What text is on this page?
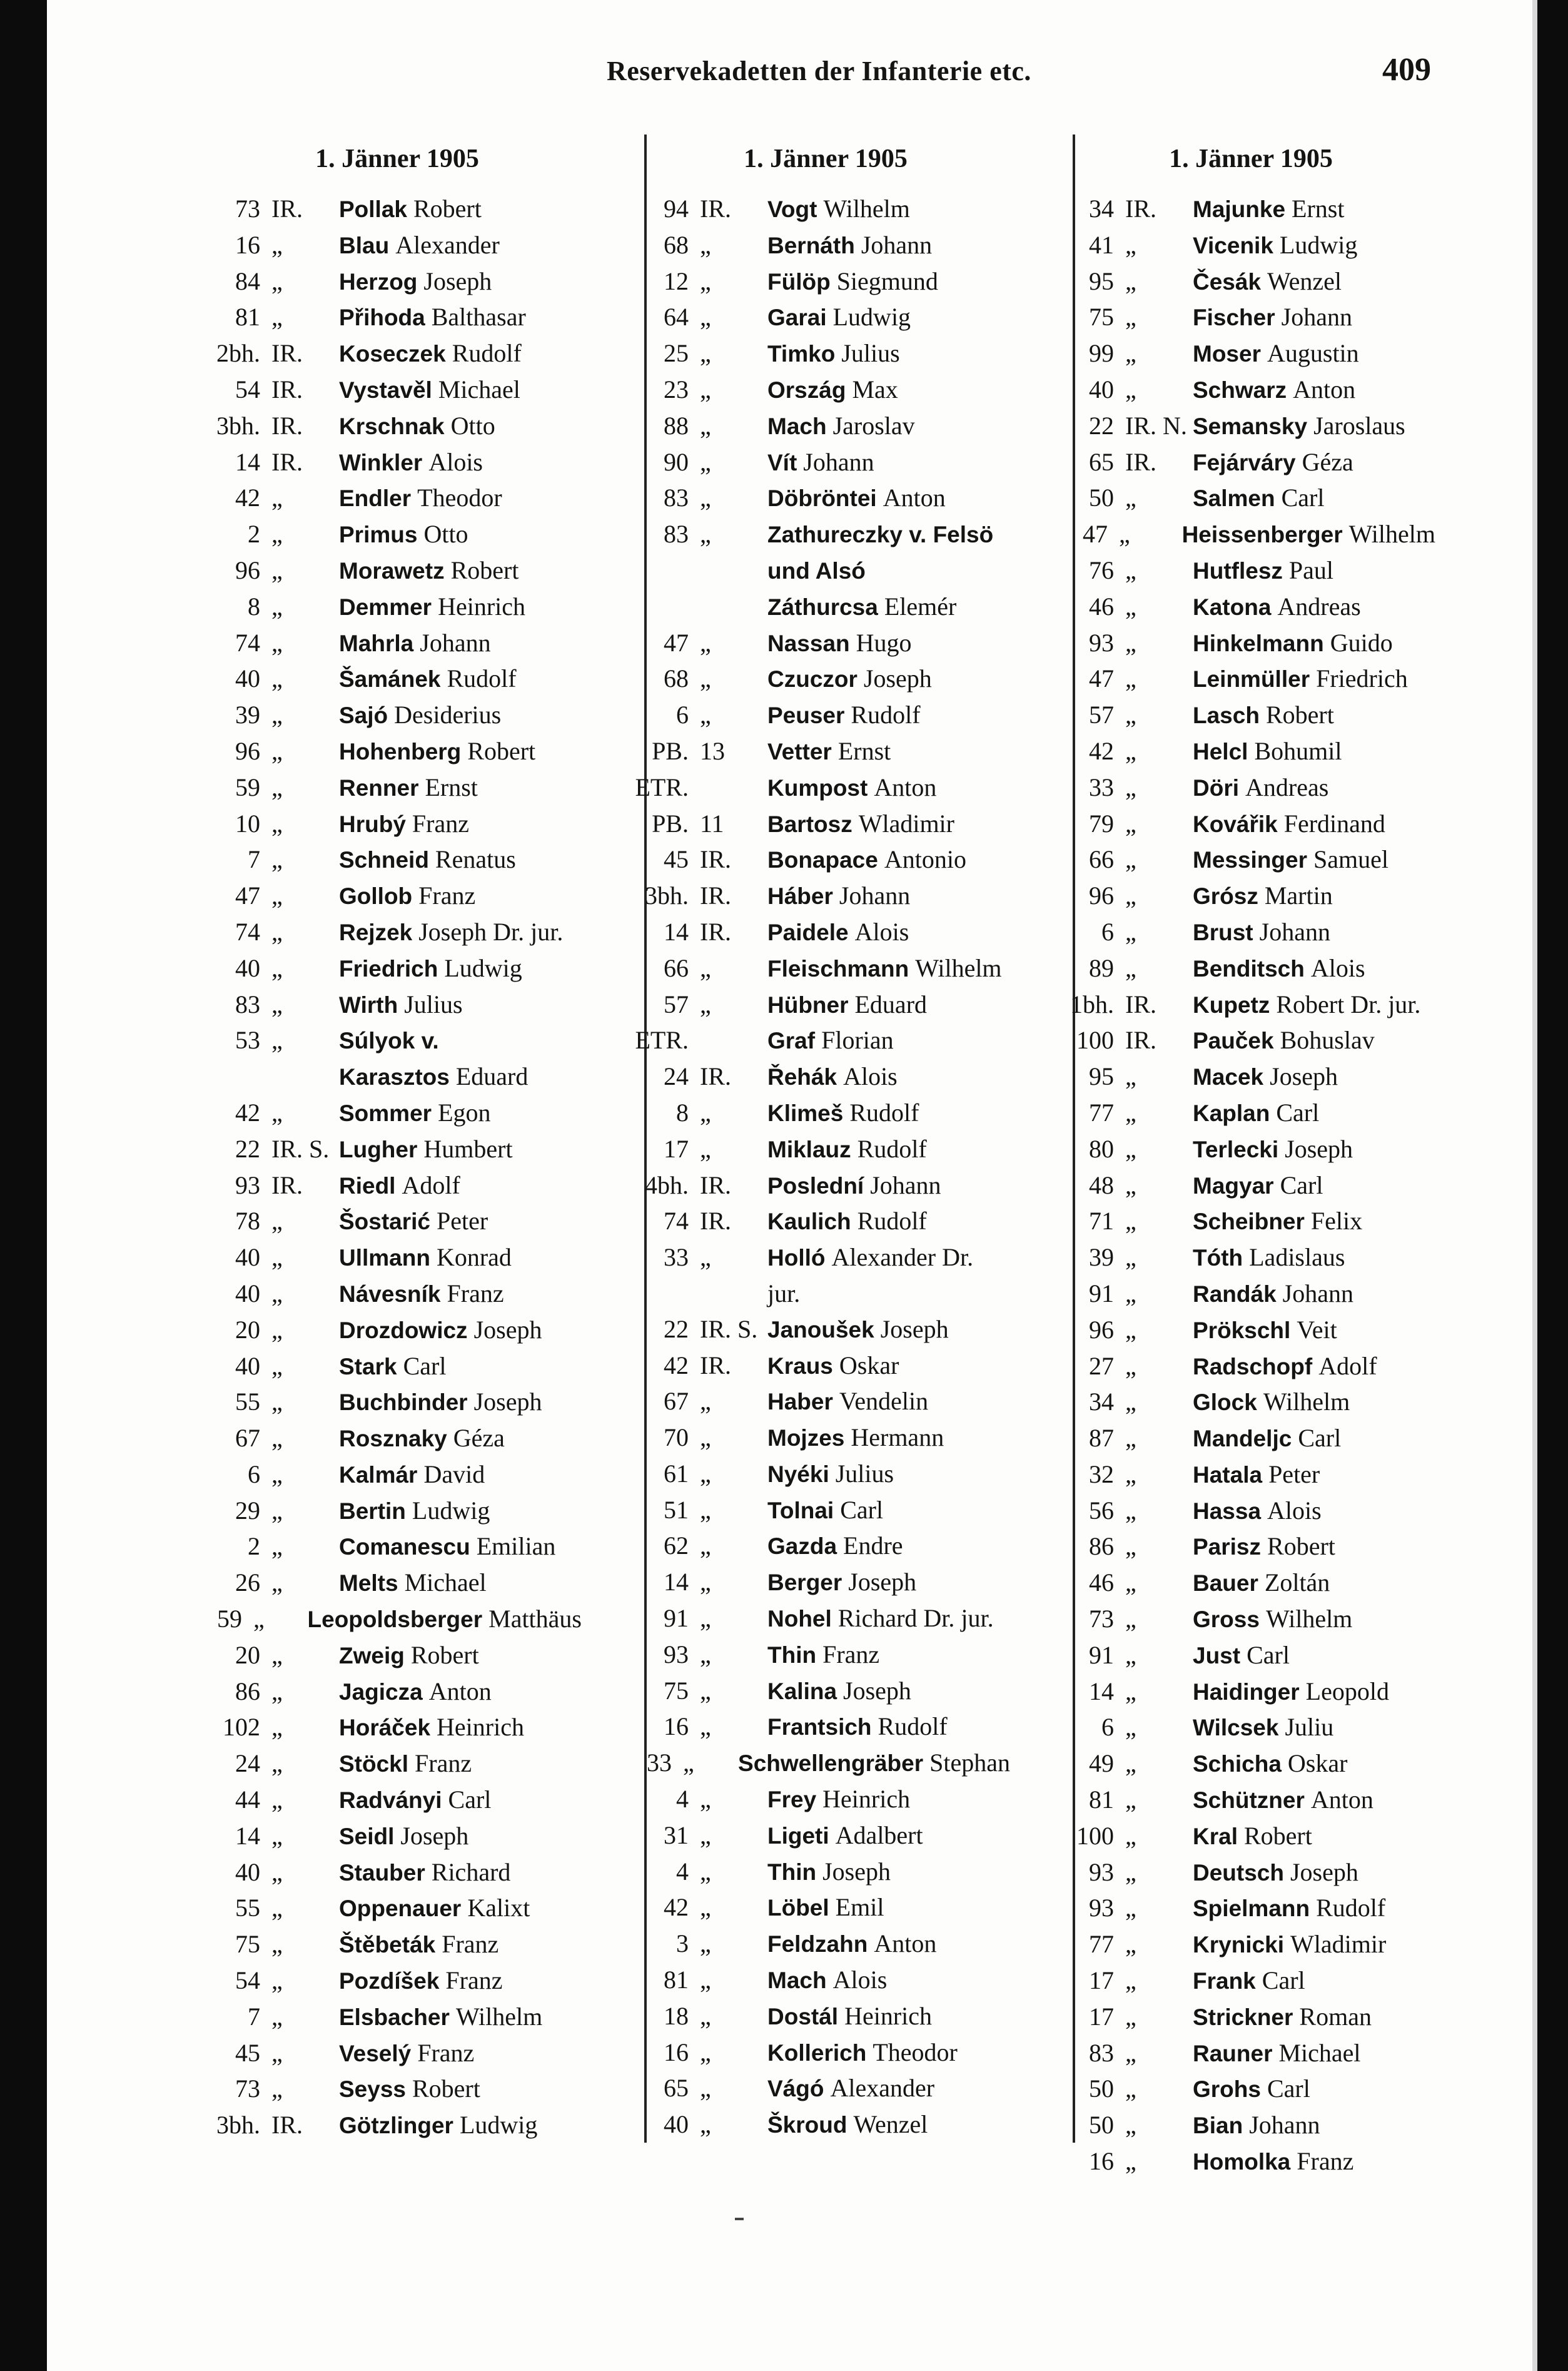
Reservekadetten der Infanterie etc.	409
1. Jänner 1905
73 IR.	Pollak Robert
16 „	Blau Alexander
84 „	Herzog Joseph
81 „	Přihoda Balthasar
2bh. IR.	Koseczek Rudolf
54 IR.	Vystavěl Michael
3bh. IR.	Krschnak Otto
14 IR.	Winkler Alois
42 „	Endler Theodor
2 „	Primus Otto
96 „	Morawetz Robert
8 „	Demmer Heinrich
74 „	Mahrla Johann
40 „	Šamánek Rudolf
39 „	Sajó Desiderius
96 „	Hohenberg Robert
59 „	Renner Ernst
10 „	Hrubý Franz
7 „	Schneid Renatus
47 „	Gollob Franz
74 „	Rejzek Joseph Dr. jur.
40 „	Friedrich Ludwig
83 „	Wirth Julius
53 „	Súlyok v. Karasztos Eduard
42 „	Sommer Egon
22 IR. S. Lugher Humbert
93 IR.	Riedl Adolf
78 „	Šostarić Peter
40 „	Ullmann Konrad
40 „	Návesník Franz
20 „	Drozdowicz Joseph
40 „	Stark Carl
55 „	Buchbinder Joseph
67 „	Rosznaky Géza
6 „	Kalmár David
29 „	Bertin Ludwig
2 „	Comanescu Emilian
26 „	Melts Michael
59 „	Leopoldsberger Matthäus
20 „	Zweig Robert
86 „	Jagicza Anton
102 „	Horáček Heinrich
24 „	Stöckl Franz
44 „	Radványi Carl
14 „	Seidl Joseph
40 „	Stauber Richard
55 „	Oppenauer Kalixt
75 „	Štěbeták Franz
54 „	Pozdíšek Franz
7 „	Elsbacher Wilhelm
45 „	Veselý Franz
73 „	Seyss Robert
3bh. IR.	Götzlinger Ludwig
1. Jänner 1905
94 IR.	Vogt Wilhelm
68 „	Bernáth Johann
12 „	Fülöp Siegmund
64 „	Garai Ludwig
25 „	Timko Julius
23 „	Ország Max
88 „	Mach Jaroslav
90 „	Vít Johann
83 „	Döbröntei Anton
83 „	Zathureczky v. Felsö und Alsó Záthurcsa Elemér
47 „	Nassan Hugo
68 „	Czuczor Joseph
6 „	Peuser Rudolf
PB. 13	Vetter Ernst
ETR.	Kumpost Anton
PB. 11	Bartosz Wladimir
45 IR.	Bonapace Antonio
3bh. IR.	Háber Johann
14 IR.	Paidele Alois
66 „	Fleischmann Wilhelm
57 „	Hübner Eduard
ETR.	Graf Florian
24 IR.	Řehák Alois
8 „	Klimeš Rudolf
17 „	Miklauz Rudolf
4bh. IR.	Poslední Johann
74 IR.	Kaulich Rudolf
33 „	Holló Alexander Dr. jur.
22 IR. S. Janoušek Joseph
42 IR.	Kraus Oskar
67 „	Haber Vendelin
70 „	Mojzes Hermann
61 „	Nyéki Julius
51 „	Tolnai Carl
62 „	Gazda Endre
14 „	Berger Joseph
91 „	Nohel Richard Dr. jur.
93 „	Thin Franz
75 „	Kalina Joseph
16 „	Frantsich Rudolf
33 „	Schwellengräber Stephan
4 „	Frey Heinrich
31 „	Ligeti Adalbert
4 „	Thin Joseph
42 „	Löbel Emil
3 „	Feldzahn Anton
81 „	Mach Alois
18 „	Dostál Heinrich
16 „	Kollerich Theodor
65 „	Vágó Alexander
40 „	Škroud Wenzel
1. Jänner 1905
34 IR.	Majunke Ernst
41 „	Vicenik Ludwig
95 „	Česák Wenzel
75 „	Fischer Johann
99 „	Moser Augustin
40 „	Schwarz Anton
22 IR. N. Semansky Jaroslaus
65 IR.	Fejárváry Géza
50 „	Salmen Carl
47 „	Heissenberger Wilhelm
76 „	Hutflesz Paul
46 „	Katona Andreas
93 „	Hinkelmann Guido
47 „	Leinmüller Friedrich
57 „	Lasch Robert
42 „	Helcl Bohumil
33 „	Döri Andreas
79 „	Kovářik Ferdinand
66 „	Messinger Samuel
96 „	Grósz Martin
6 „	Brust Johann
89 „	Benditsch Alois
1bh. IR.	Kupetz Robert Dr. jur.
100 IR.	Pauček Bohuslav
95 „	Macek Joseph
77 „	Kaplan Carl
80 „	Terlecki Joseph
48 „	Magyar Carl
71 „	Scheibner Felix
39 „	Tóth Ladislaus
91 „	Randák Johann
96 „	Prökschl Veit
27 „	Radschopf Adolf
34 „	Glock Wilhelm
87 „	Mandeljc Carl
32 „	Hatala Peter
56 „	Hassa Alois
86 „	Parisz Robert
46 „	Bauer Zoltán
73 „	Gross Wilhelm
91 „	Just Carl
14 „	Haidinger Leopold
6 „	Wilcsek Juliu
49 „	Schicha Oskar
81 „	Schützner Anton
100 „	Kral Robert
93 „	Deutsch Joseph
93 „	Spielmann Rudolf
77 „	Krynicki Wladimir
17 „	Frank Carl
17 „	Strickner Roman
83 „	Rauner Michael
50 „	Grohs Carl
50 „	Bian Johann
16 „	Homolka Franz
